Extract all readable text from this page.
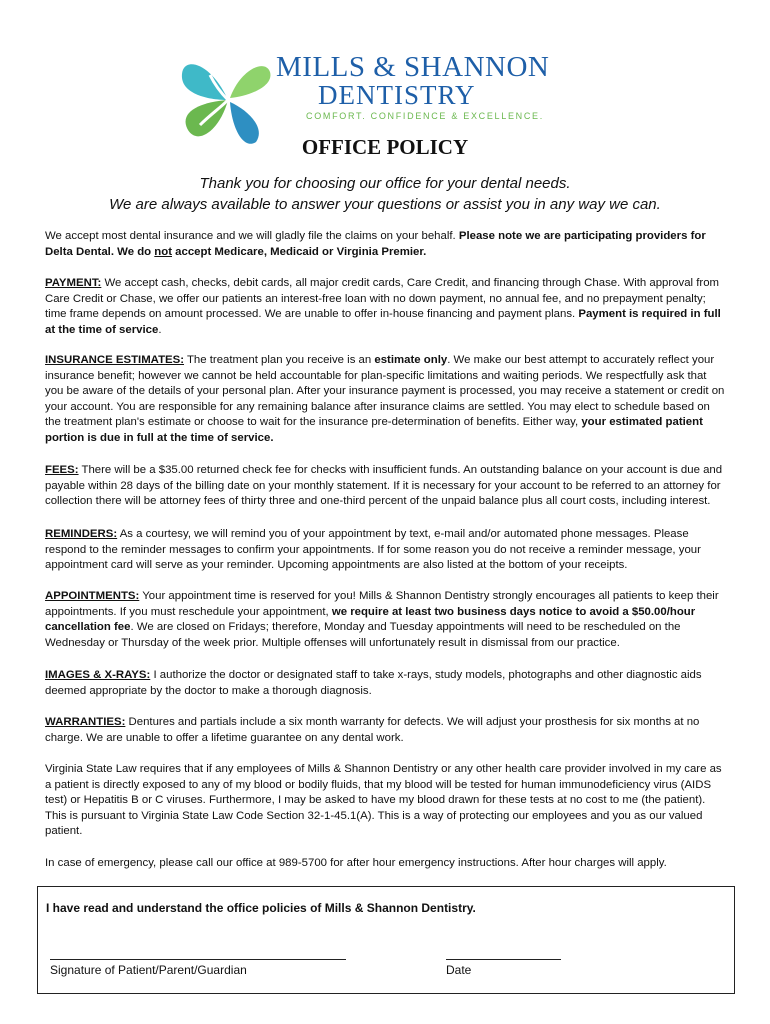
MILLS & SHANNON
DENTISTRY
COMFORT. CONFIDENCE & EXCELLENCE.
OFFICE POLICY
Thank you for choosing our office for your dental needs.
We are always available to answer your questions or assist you in any way we can.
We accept most dental insurance and we will gladly file the claims on your behalf. Please note we are participating providers for Delta Dental. We do not accept Medicare, Medicaid or Virginia Premier.
PAYMENT: We accept cash, checks, debit cards, all major credit cards, Care Credit, and financing through Chase. With approval from Care Credit or Chase, we offer our patients an interest-free loan with no down payment, no annual fee, and no prepayment penalty; time frame depends on amount processed. We are unable to offer in-house financing and payment plans. Payment is required in full at the time of service.
INSURANCE ESTIMATES: The treatment plan you receive is an estimate only. We make our best attempt to accurately reflect your insurance benefit; however we cannot be held accountable for plan-specific limitations and waiting periods. We respectfully ask that you be aware of the details of your personal plan. After your insurance payment is processed, you may receive a statement or credit on your account. You are responsible for any remaining balance after insurance claims are settled. You may elect to schedule based on the treatment plan's estimate or choose to wait for the insurance pre-determination of benefits. Either way, your estimated patient portion is due in full at the time of service.
FEES: There will be a $35.00 returned check fee for checks with insufficient funds. An outstanding balance on your account is due and payable within 28 days of the billing date on your monthly statement. If it is necessary for your account to be referred to an attorney for collection there will be attorney fees of thirty three and one-third percent of the unpaid balance plus all court costs, including interest.
REMINDERS: As a courtesy, we will remind you of your appointment by text, e-mail and/or automated phone messages. Please respond to the reminder messages to confirm your appointments. If for some reason you do not receive a reminder message, your appointment card will serve as your reminder. Upcoming appointments are also listed at the bottom of your receipts.
APPOINTMENTS: Your appointment time is reserved for you! Mills & Shannon Dentistry strongly encourages all patients to keep their appointments. If you must reschedule your appointment, we require at least two business days notice to avoid a $50.00/hour cancellation fee. We are closed on Fridays; therefore, Monday and Tuesday appointments will need to be rescheduled on the Wednesday or Thursday of the week prior. Multiple offenses will unfortunately result in dismissal from our practice.
IMAGES & X-RAYS: I authorize the doctor or designated staff to take x-rays, study models, photographs and other diagnostic aids deemed appropriate by the doctor to make a thorough diagnosis.
WARRANTIES: Dentures and partials include a six month warranty for defects. We will adjust your prosthesis for six months at no charge. We are unable to offer a lifetime guarantee on any dental work.
Virginia State Law requires that if any employees of Mills & Shannon Dentistry or any other health care provider involved in my care as a patient is directly exposed to any of my blood or bodily fluids, that my blood will be tested for human immunodeficiency virus (AIDS test) or Hepatitis B or C viruses. Furthermore, I may be asked to have my blood drawn for these tests at no cost to me (the patient). This is pursuant to Virginia State Law Code Section 32-1-45.1(A). This is a way of protecting our employees and you as our valued patient.
In case of emergency, please call our office at 989-5700 for after hour emergency instructions. After hour charges will apply.
I have read and understand the office policies of Mills & Shannon Dentistry.
Signature of Patient/Parent/Guardian	Date
